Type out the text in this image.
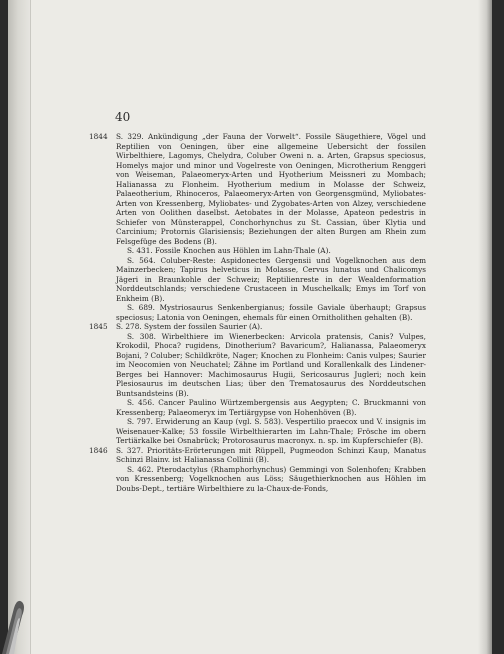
40
1844	S. 329. Ankündigung „der Fauna der Vorwelt“. Fossile Säugethiere, Vögel und Reptilien von Oeningen, über eine allgemeine Uebersicht der fossilen Wirbelthiere, Lagomys, Chelydra, Coluber Oweni n. a. Arten, Grapsus speciosus, Homelys major und minor und Vogelreste von Oeningen, Microtherium Renggeri von Weiseman, Palaeomeryx-Arten und Hyotherium Meissneri zu Mombach; Halianassa zu Flonheim. Hyotherium medium in Molasse der Schweiz, Palaeotherium, Rhinoceros, Palaeomeryx-Arten von Georgensgmünd, Myliobates-Arten von Kressenberg, Myliobates- und Zygobates-Arten von Alzey, verschiedene Arten von Oolithen daselbst. Aetobates in der Molasse, Apateon pedestris in Schiefer von Münsterappel, Conchorhynchus zu St. Cassian, über Klytia und Carcinium; Protornis Glarisiensis; Beziehungen der alten Burgen am Rhein zum Felsgefüge des Bodens (B).

S. 431. Fossile Knochen aus Höhlen im Lahn-Thale (A).

S. 564. Coluber-Reste: Aspidonectes Gergensii und Vogelknochen aus dem Mainzerbecken; Tapirus helveticus in Molasse, Cervus lunatus und Chalicomys Jägeri in Braunkohle der Schweiz; Reptilienreste in der Wealdenformation Norddeutschlands; verschiedene Crustaceen in Muschelkalk; Emys im Torf von Enkheim (B).

S. 689. Mystriosaurus Senkenbergianus; fossile Gaviale überhaupt; Grapsus speciosus; Latonia von Oeningen, ehemals für einen Ornitholithen gehalten (B).

1845	S. 278. System der fossilen Saurier (A).

S. 308. Wirbelthiere im Wienerbecken: Arvicola pratensis, Canis? Vulpes, Krokodil, Phoca? rugidens, Dinotherium? Bavaricum?, Halianassa, Palaeomeryx Bojani, ? Coluber; Schildkröte, Nager; Knochen zu Flonheim: Canis vulpes; Saurier im Neocomien von Neuchatel; Zähne im Portland und Korallenkalk des Lindener-Berges bei Hannover: Machimosaurus Hugii, Sericosaurus Jugleri; noch kein Plesiosaurus im deutschen Lias; über den Trematosaurus des Norddeutschen Buntsandsteins (B).

S. 456. Cancer Paulino Würtzembergensis aus Aegypten; C. Bruckmanni von Kressenberg; Palaeomeryx im Tertiärgypse von Hohenhöven (B).

S. 797. Erwiderung an Kaup (vgl. S. 583). Vespertilio praecox und V. insignis im Weisenauer-Kalke; 53 fossile Wirbelthierarten im Lahn-Thale; Frösche im obern Tertiärkalke bei Osnabrück; Protorosaurus macronyx. n. sp. im Kupferschiefer (B).

1846	S. 327. Prioritäts-Erörterungen mit Rüppell, Pugmeodon Schinzi Kaup, Manatus Schinzi Blainv. ist Halianassa Collinii (B).

S. 462. Pterodactylus (Rhamphorhynchus) Gemmingi von Solenhofen; Krabben von Kressenberg; Vogelknochen aus Löss; Säugethierknochen aus Höhlen im Doubs-Dept., tertiäre Wirbelthiere zu la-Chaux-de-Fonds,
